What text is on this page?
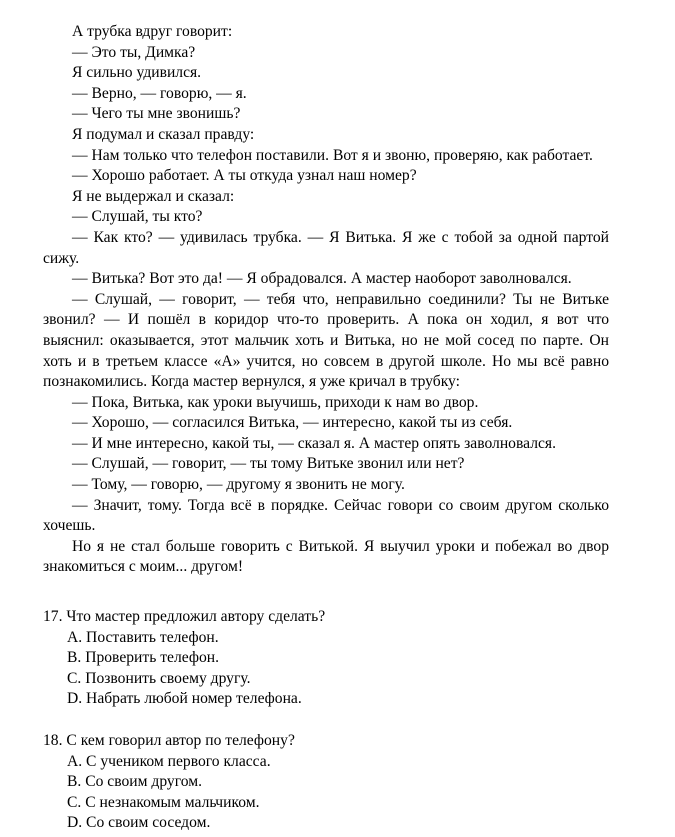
А трубка вдруг говорит:

— Это ты, Димка?

Я сильно удивился.

— Верно, — говорю, — я.

— Чего ты мне звонишь?

Я подумал и сказал правду:

— Нам только что телефон поставили. Вот я и звоню, проверяю, как работает.

— Хорошо работает. А ты откуда узнал наш номер?

Я не выдержал и сказал:

— Слушай, ты кто?

— Как кто? — удивилась трубка. — Я Витька. Я же с тобой за одной партой сижу.

— Витька? Вот это да! — Я обрадовался. А мастер наоборот заволновался.

— Слушай, — говорит, — тебя что, неправильно соединили? Ты не Витьке звонил? — И пошёл в коридор что-то проверить. А пока он ходил, я вот что выяснил: оказывается, этот мальчик хоть и Витька, но не мой сосед по парте. Он хоть и в третьем классе «А» учится, но совсем в другой школе. Но мы всё равно познакомились. Когда мастер вернулся, я уже кричал в трубку:

— Пока, Витька, как уроки выучишь, приходи к нам во двор.

— Хорошо, — согласился Витька, — интересно, какой ты из себя.

— И мне интересно, какой ты, — сказал я. А мастер опять заволновался.

— Слушай, — говорит, — ты тому Витьке звонил или нет?

— Тому, — говорю, — другому я звонить не могу.

— Значит, тому. Тогда всё в порядке. Сейчас говори со своим другом сколько хочешь.

Но я не стал больше говорить с Витькой. Я выучил уроки и побежал во двор знакомиться с моим... другом!

17. Что мастер предложил автору сделать?

A. Поставить телефон.

B. Проверить телефон.

C. Позвонить своему другу.

D. Набрать любой номер телефона.

18. С кем говорил автор по телефону?

A. С учеником первого класса.

B. Со своим другом.

C. С незнакомым мальчиком.

D. Со своим соседом.
